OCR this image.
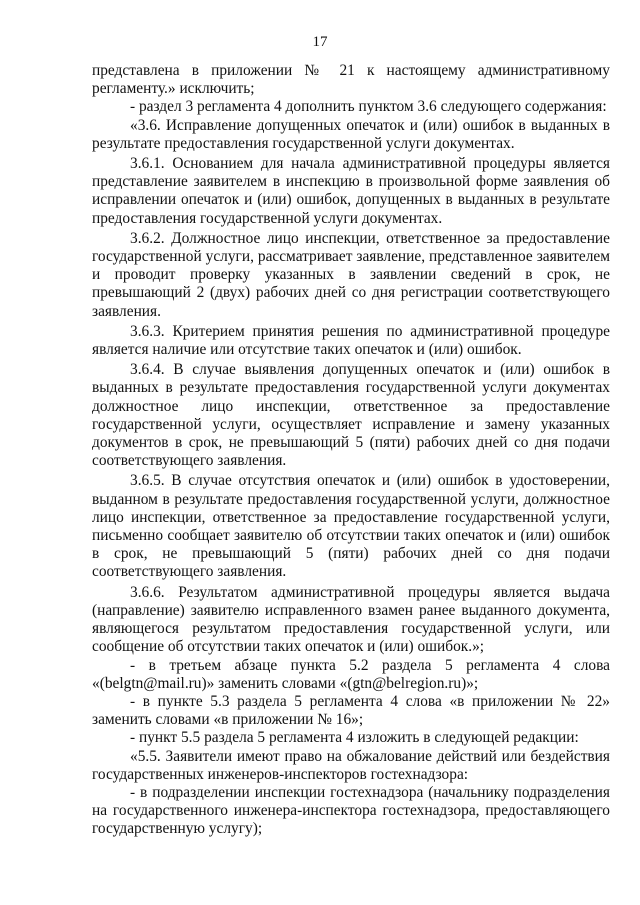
17

представлена в приложении № 21 к настоящему административному регламенту.» исключить;

- раздел 3 регламента 4 дополнить пунктом 3.6 следующего содержания:

«3.6. Исправление допущенных опечаток и (или) ошибок в выданных в результате предоставления государственной услуги документах.

3.6.1. Основанием для начала административной процедуры является представление заявителем в инспекцию в произвольной форме заявления об исправлении опечаток и (или) ошибок, допущенных в выданных в результате предоставления государственной услуги документах.

3.6.2. Должностное лицо инспекции, ответственное за предоставление государственной услуги, рассматривает заявление, представленное заявителем и проводит проверку указанных в заявлении сведений в срок, не превышающий 2 (двух) рабочих дней со дня регистрации соответствующего заявления.

3.6.3. Критерием принятия решения по административной процедуре является наличие или отсутствие таких опечаток и (или) ошибок.

3.6.4. В случае выявления допущенных опечаток и (или) ошибок в выданных в результате предоставления государственной услуги документах должностное лицо инспекции, ответственное за предоставление государственной услуги, осуществляет исправление и замену указанных документов в срок, не превышающий 5 (пяти) рабочих дней со дня подачи соответствующего заявления.

3.6.5. В случае отсутствия опечаток и (или) ошибок в удостоверении, выданном в результате предоставления государственной услуги, должностное лицо инспекции, ответственное за предоставление государственной услуги, письменно сообщает заявителю об отсутствии таких опечаток и (или) ошибок в срок, не превышающий 5 (пяти) рабочих дней со дня подачи соответствующего заявления.

3.6.6. Результатом административной процедуры является выдача (направление) заявителю исправленного взамен ранее выданного документа, являющегося результатом предоставления государственной услуги, или сообщение об отсутствии таких опечаток и (или) ошибок.»;

- в третьем абзаце пункта 5.2 раздела 5 регламента 4 слова «(belgtn@mail.ru)» заменить словами «(gtn@belregion.ru)»;

- в пункте 5.3 раздела 5 регламента 4 слова «в приложении № 22» заменить словами «в приложении № 16»;

- пункт 5.5 раздела 5 регламента 4 изложить в следующей редакции:

«5.5. Заявители имеют право на обжалование действий или бездействия государственных инженеров-инспекторов гостехнадзора:

- в подразделении инспекции гостехнадзора (начальнику подразделения на государственного инженера-инспектора гостехнадзора, предоставляющего государственную услугу);
